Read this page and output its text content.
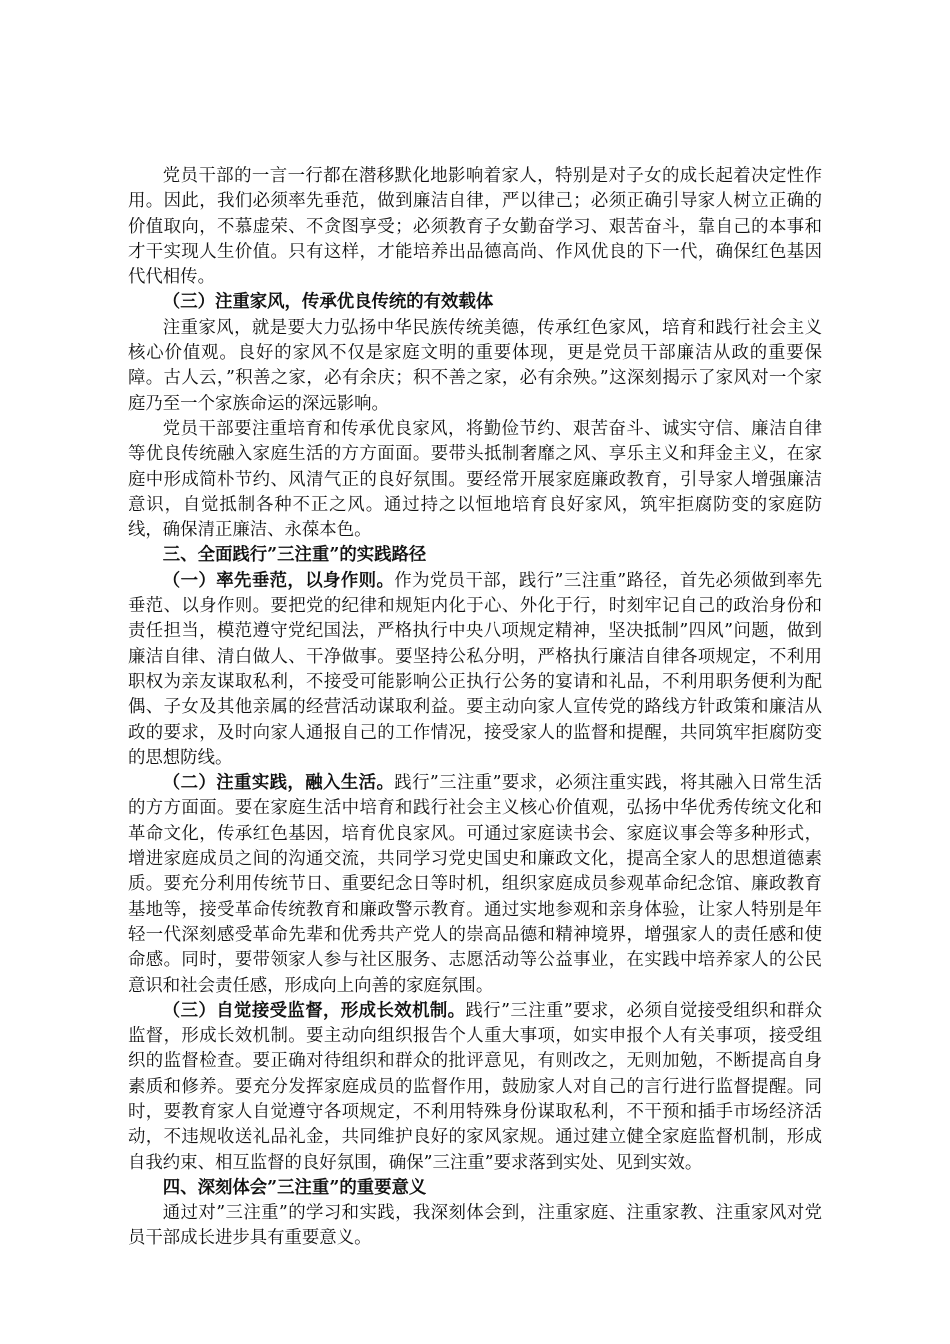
党员干部的一言一行都在潜移默化地影响着家人，特别是对子女的成长起着决定性作用。因此，我们必须率先垂范，做到廉洁自律，严以律己；必须正确引导家人树立正确的价值取向，不慕虚荣、不贪图享受；必须教育子女勤奋学习、艰苦奋斗，靠自己的本事和才干实现人生价值。只有这样，才能培养出品德高尚、作风优良的下一代，确保红色基因代代相传。

（三）注重家风，传承优良传统的有效载体

注重家风，就是要大力弘扬中华民族传统美德，传承红色家风，培育和践行社会主义核心价值观。良好的家风不仅是家庭文明的重要体现，更是党员干部廉洁从政的重要保障。古人云，”积善之家，必有余庆；积不善之家，必有余殃。”这深刻揭示了家风对一个家庭乃至一个家族命运的深远影响。

党员干部要注重培育和传承优良家风，将勤俭节约、艰苦奋斗、诚实守信、廉洁自律等优良传统融入家庭生活的方方面面。要带头抵制奢靡之风、享乐主义和拜金主义，在家庭中形成简朴节约、风清气正的良好氛围。要经常开展家庭廉政教育，引导家人增强廉洁意识，自觉抵制各种不正之风。通过持之以恒地培育良好家风，筑牢拒腐防变的家庭防线，确保清正廉洁、永葆本色。

三、全面践行”三注重”的实践路径

（一）率先垂范，以身作则。作为党员干部，践行”三注重”路径，首先必须做到率先垂范、以身作则。要把党的纪律和规矩内化于心、外化于行，时刻牢记自己的政治身份和责任担当，模范遵守党纪国法，严格执行中央八项规定精神，坚决抵制”四风”问题，做到廉洁自律、清白做人、干净做事。要坚持公私分明，严格执行廉洁自律各项规定，不利用职权为亲友谋取私利，不接受可能影响公正执行公务的宴请和礼品，不利用职务便利为配偶、子女及其他亲属的经营活动谋取利益。要主动向家人宣传党的路线方针政策和廉洁从政的要求，及时向家人通报自己的工作情况，接受家人的监督和提醒，共同筑牢拒腐防变的思想防线。

（二）注重实践，融入生活。践行”三注重”要求，必须注重实践，将其融入日常生活的方方面面。要在家庭生活中培育和践行社会主义核心价值观，弘扬中华优秀传统文化和革命文化，传承红色基因，培育优良家风。可通过家庭读书会、家庭议事会等多种形式，增进家庭成员之间的沟通交流，共同学习党史国史和廉政文化，提高全家人的思想道德素质。要充分利用传统节日、重要纪念日等时机，组织家庭成员参观革命纪念馆、廉政教育基地等，接受革命传统教育和廉政警示教育。通过实地参观和亲身体验，让家人特别是年轻一代深刻感受革命先辈和优秀共产党人的崇高品德和精神境界，增强家人的责任感和使命感。同时，要带领家人参与社区服务、志愿活动等公益事业，在实践中培养家人的公民意识和社会责任感，形成向上向善的家庭氛围。

（三）自觉接受监督，形成长效机制。践行”三注重”要求，必须自觉接受组织和群众监督，形成长效机制。要主动向组织报告个人重大事项，如实申报个人有关事项，接受组织的监督检查。要正确对待组织和群众的批评意见，有则改之，无则加勉，不断提高自身素质和修养。要充分发挥家庭成员的监督作用，鼓励家人对自己的言行进行监督提醒。同时，要教育家人自觉遵守各项规定，不利用特殊身份谋取私利，不干预和插手市场经济活动，不违规收送礼品礼金，共同维护良好的家风家规。通过建立健全家庭监督机制，形成自我约束、相互监督的良好氛围，确保”三注重”要求落到实处、见到实效。

四、深刻体会”三注重”的重要意义

通过对”三注重”的学习和实践，我深刻体会到，注重家庭、注重家教、注重家风对党员干部成长进步具有重要意义。
